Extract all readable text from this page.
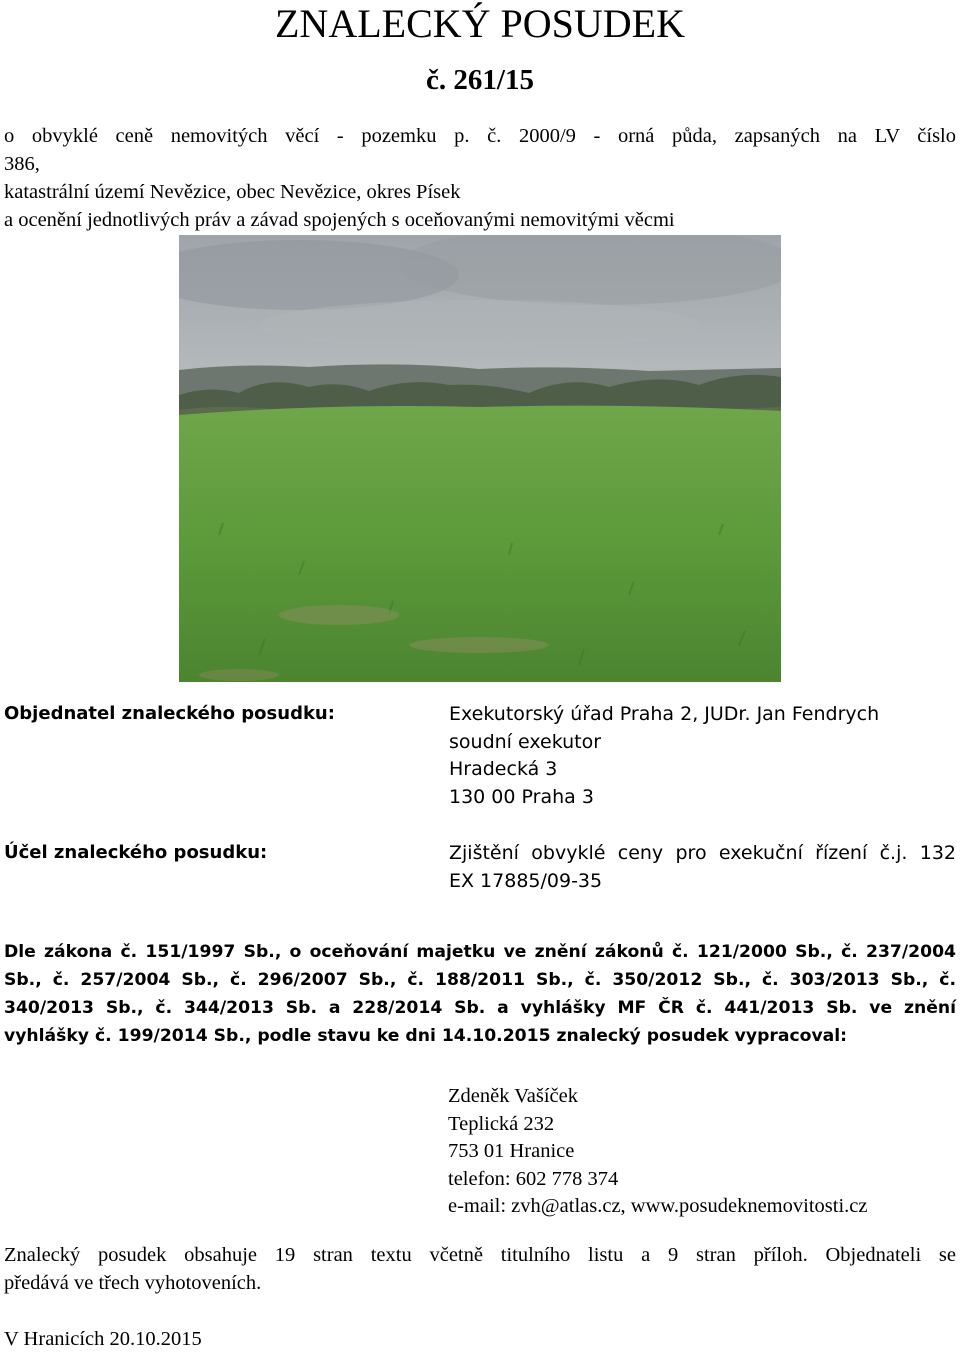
ZNALECKÝ POSUDEK
č. 261/15
o obvyklé ceně nemovitých věcí - pozemku p. č. 2000/9 - orná půda, zapsaných na LV číslo
386,
katastrální území Nevězice, obec Nevězice, okres Písek
a ocenění jednotlivých práv a závad spojených s oceňovanými nemovitými věcmi
Objednatel znaleckého posudku:	Exekutorský úřad Praha 2, JUDr. Jan Fendrych
soudní exekutor
Hradecká 3
130 00 Praha 3
Účel znaleckého posudku:	Zjištění obvyklé ceny pro exekuční řízení č.j. 132
EX 17885/09-35
Dle zákona č. 151/1997 Sb., o oceňování majetku ve znění zákonů č. 121/2000 Sb., č. 237/2004
Sb., č. 257/2004 Sb., č. 296/2007 Sb., č. 188/2011 Sb., č. 350/2012 Sb., č. 303/2013 Sb., č.
340/2013 Sb., č. 344/2013 Sb. a 228/2014 Sb. a vyhlášky MF ČR č. 441/2013 Sb. ve znění
vyhlášky č. 199/2014 Sb., podle stavu ke dni 14.10.2015 znalecký posudek vypracoval:
Zdeněk Vašíček
Teplická 232
753 01 Hranice
telefon: 602 778 374
e-mail: zvh@atlas.cz, www.posudeknemovitosti.cz
Znalecký posudek obsahuje 19 stran textu včetně titulního listu a 9 stran příloh. Objednateli se
předává ve třech vyhotoveních.
V Hranicích 20.10.2015
